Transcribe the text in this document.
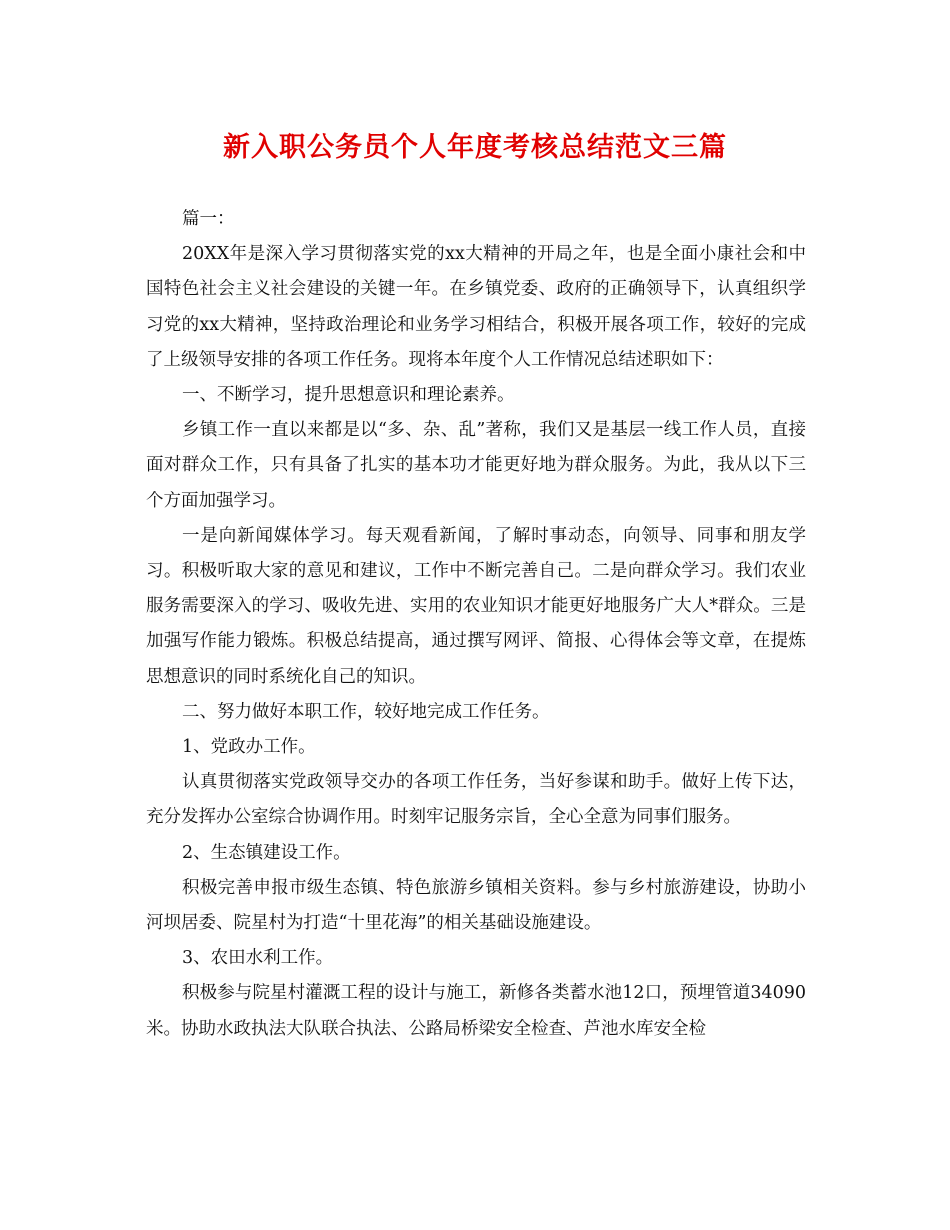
新入职公务员个人年度考核总结范文三篇

篇一：

20XX年是深入学习贯彻落实党的xx大精神的开局之年，也是全面小康社会和中国特色社会主义社会建设的关键一年。在乡镇党委、政府的正确领导下，认真组织学习党的xx大精神，坚持政治理论和业务学习相结合，积极开展各项工作，较好的完成了上级领导安排的各项工作任务。现将本年度个人工作情况总结述职如下：

一、不断学习，提升思想意识和理论素养。

乡镇工作一直以来都是以“多、杂、乱”著称，我们又是基层一线工作人员，直接面对群众工作，只有具备了扎实的基本功才能更好地为群众服务。为此，我从以下三个方面加强学习。

一是向新闻媒体学习。每天观看新闻，了解时事动态，向领导、同事和朋友学习。积极听取大家的意见和建议，工作中不断完善自己。二是向群众学习。我们农业服务需要深入的学习、吸收先进、实用的农业知识才能更好地服务广大人*群众。三是加强写作能力锻炼。积极总结提高，通过撰写网评、简报、心得体会等文章，在提炼思想意识的同时系统化自己的知识。

二、努力做好本职工作，较好地完成工作任务。

1、党政办工作。

认真贯彻落实党政领导交办的各项工作任务，当好参谋和助手。做好上传下达，充分发挥办公室综合协调作用。时刻牢记服务宗旨，全心全意为同事们服务。

2、生态镇建设工作。

积极完善申报市级生态镇、特色旅游乡镇相关资料。参与乡村旅游建设，协助小河坝居委、院星村为打造“十里花海”的相关基础设施建设。

3、农田水利工作。

积极参与院星村灌溉工程的设计与施工，新修各类蓄水池12口，预埋管道34090米。协助水政执法大队联合执法、公路局桥梁安全检查、芦池水库安全检
